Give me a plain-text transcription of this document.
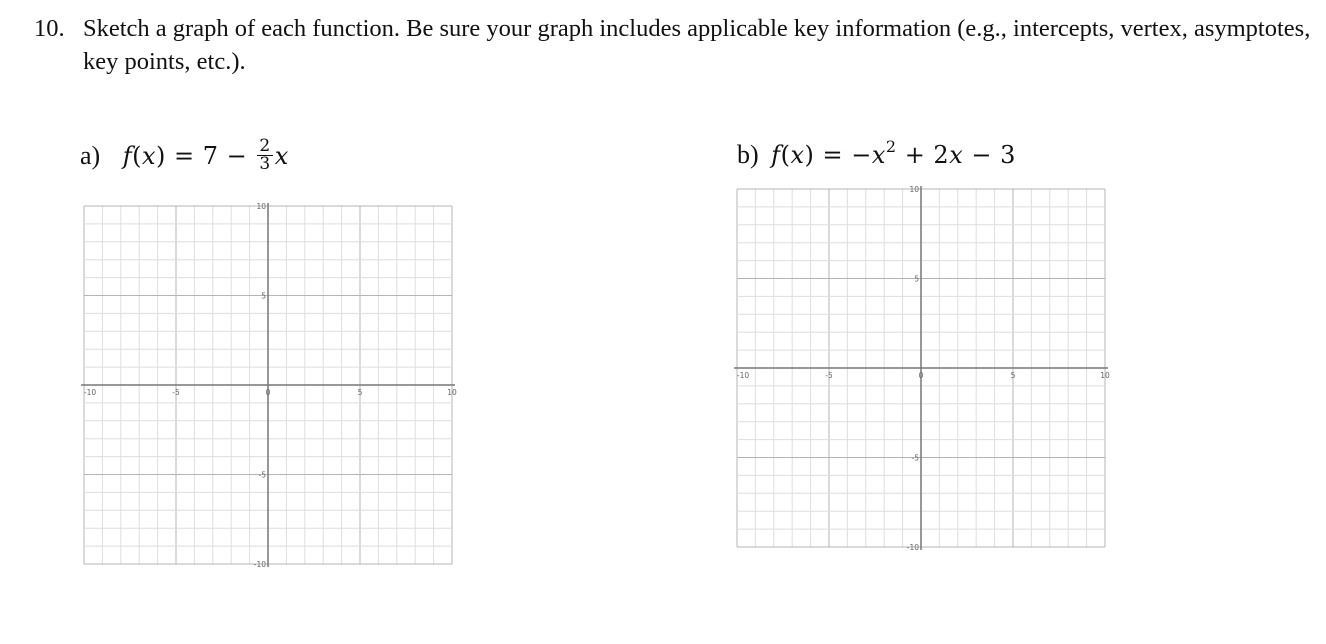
10. Sketch a graph of each function. Be sure your graph includes applicable key information (e.g., intercepts, vertex, asymptotes, key points, etc.).
a) $f(x) = 7 - \frac{2}{3}$ x
-10	-5	0	5	10
10
5
-5
-10
b) $f(x) = -x^2 + 2x - 3$
-10	-5	0	5	10
10
5
-5
-10
